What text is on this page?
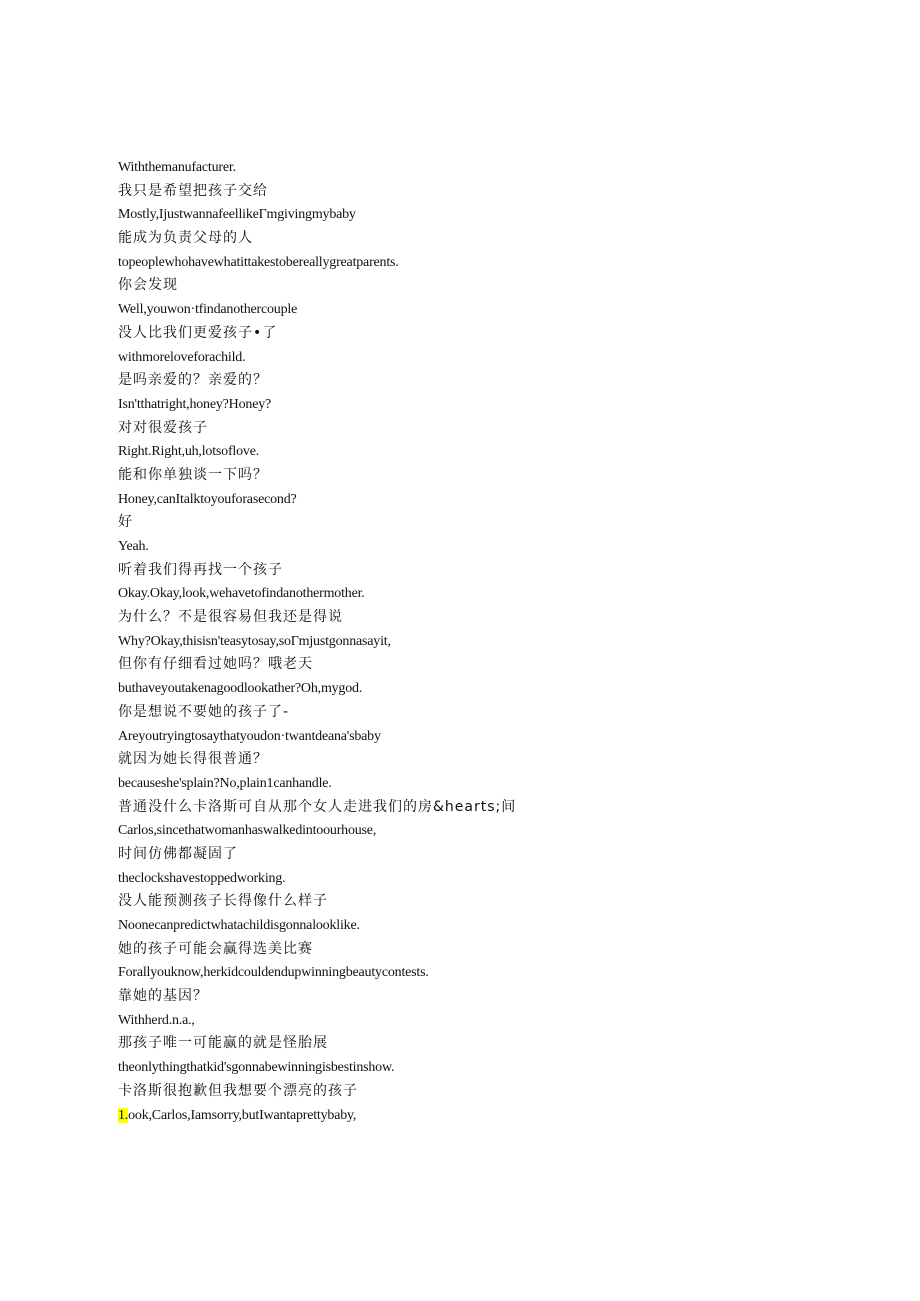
Withthemanufacturer.
我只是希望把孩子交给
Mostly,IjustwannafeellikeΓmgivingmybaby
能成为负责父母的人
topeoplewhohavewhatittakestobereallygreatparents.
你会发现
Well,youwon·tfindanothercouple
没人比我们更爱孩子•了
withmoreloveforachild.
是吗亲爱的？亲爱的？
Isn'tthatright,honey?Honey?
对对很爱孩子
Right.Right,uh,lotsoflove.
能和你单独谈一下吗？
Honey,canItalktoyouforasecond?
好
Yeah.
听着我们得再找一个孩子
Okay.Okay,look,wehavetofindanothermother.
为什么？不是很容易但我还是得说
Why?Okay,thisisn'teasytosay,soΓmjustgonnasayit,
但你有仔细看过她吗？哦老天
buthaveyoutakenagoodlookather?Oh,mygod.
你是想说不要她的孩子了-
Areyoutryingtosaythatyoudon·twantdeana'sbaby
就因为她长得很普通？
becauseshe'splain?No,plain1canhandle.
普通没什么卡洛斯可自从那个女人走进我们的房&hearts;间
Carlos,sincethatwomanhaswalkedintoourhouse,
时间仿佛都凝固了
theclockshavestoppedworking.
没人能预测孩子长得像什么样子
Noonecanpredictwhatachildisgonnalooklike.
她的孩子可能会赢得选美比赛
Forallyouknow,herkidcouldendupwinningbeautycontests.
靠她的基因？
Withherd.n.a.,
那孩子唯一可能赢的就是怪胎展
theonlythingthatkid'sgonnabewinningisbestinshow.
卡洛斯很抱歉但我想要个漂亮的孩子
1.ook,Carlos,Iamsorry,butIwantaprettybaby,
